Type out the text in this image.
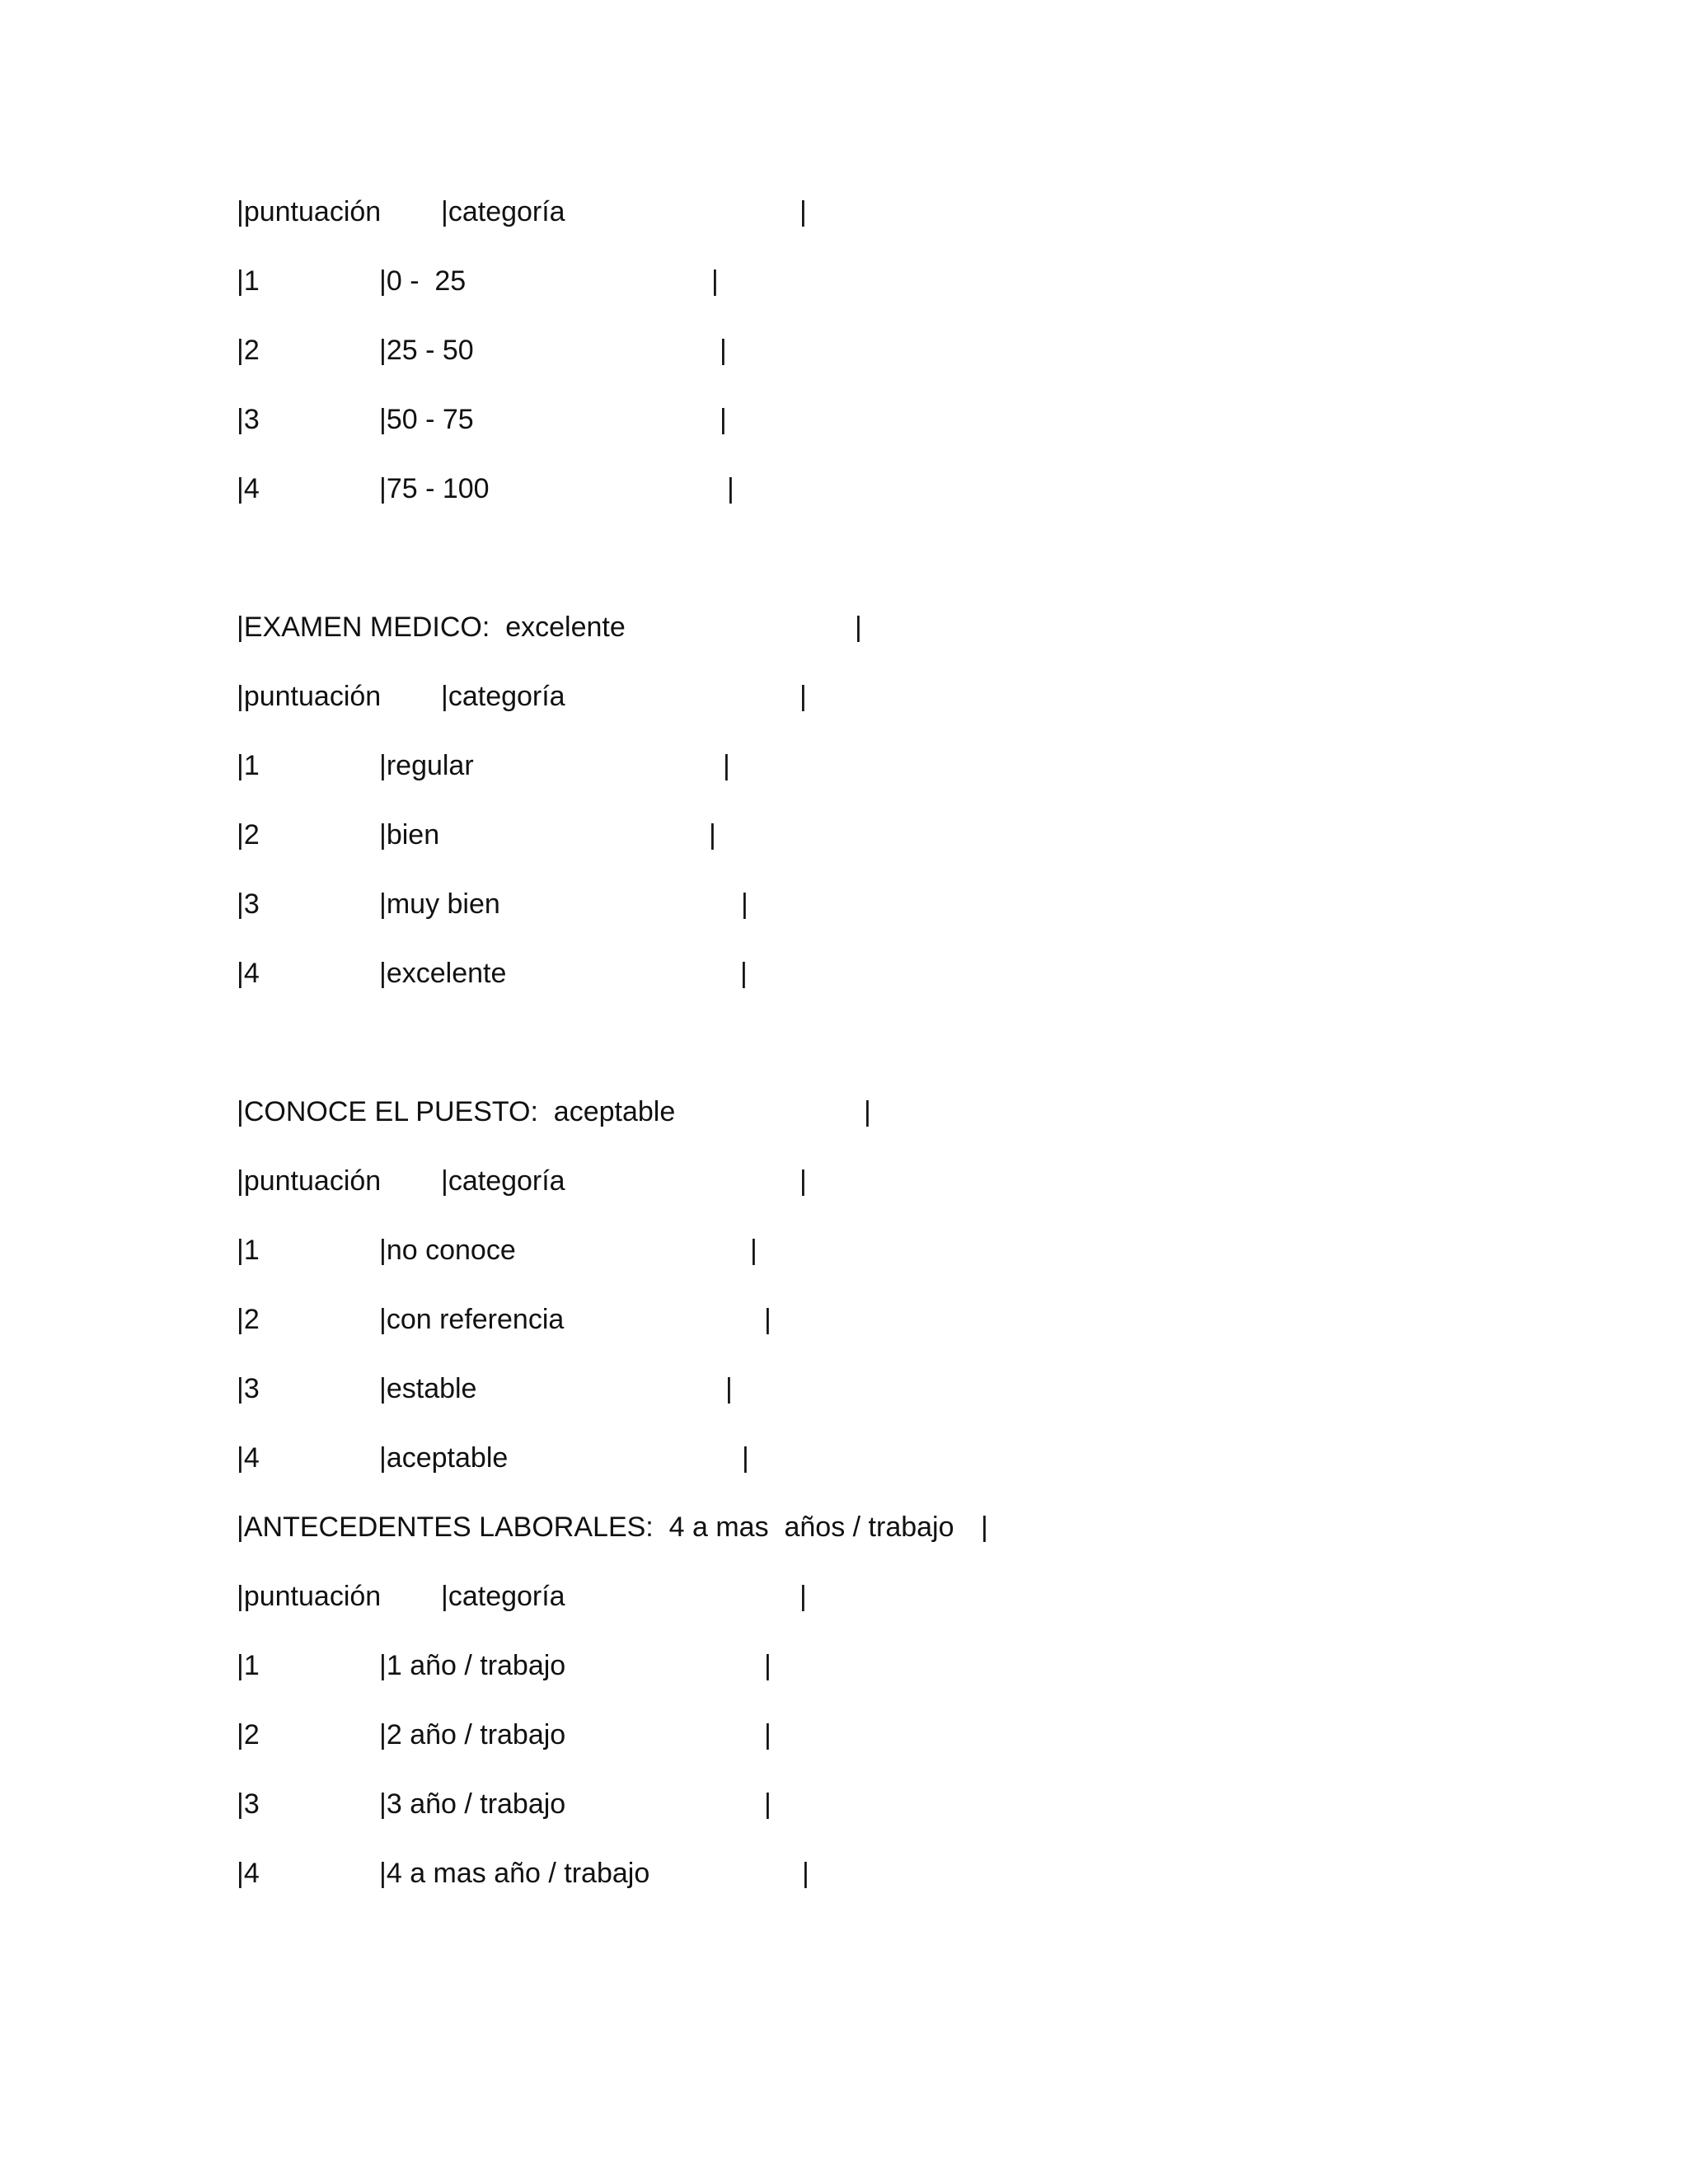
|puntuación |categoría	|
|1	|0 -  25	|
|2	|25 - 50	|
|3	|50 - 75	|
|4	|75 - 100	|
|EXAMEN MEDICO:  excelente	|
|puntuación |categoría	|
|1	|regular	|
|2	|bien	|
|3	|muy bien	|
|4	|excelente	|
|CONOCE EL PUESTO:  aceptable	|
|puntuación |categoría	|
|1	|no conoce	|
|2	|con referencia	|
|3	|estable	|
|4	|aceptable	|
|ANTECEDENTES LABORALES:  4 a mas  años / trabajo |
|puntuación |categoría	|
|1	|1 año / trabajo	|
|2	|2 año / trabajo	|
|3	|3 año / trabajo	|
|4	|4 a mas año / trabajo	|
